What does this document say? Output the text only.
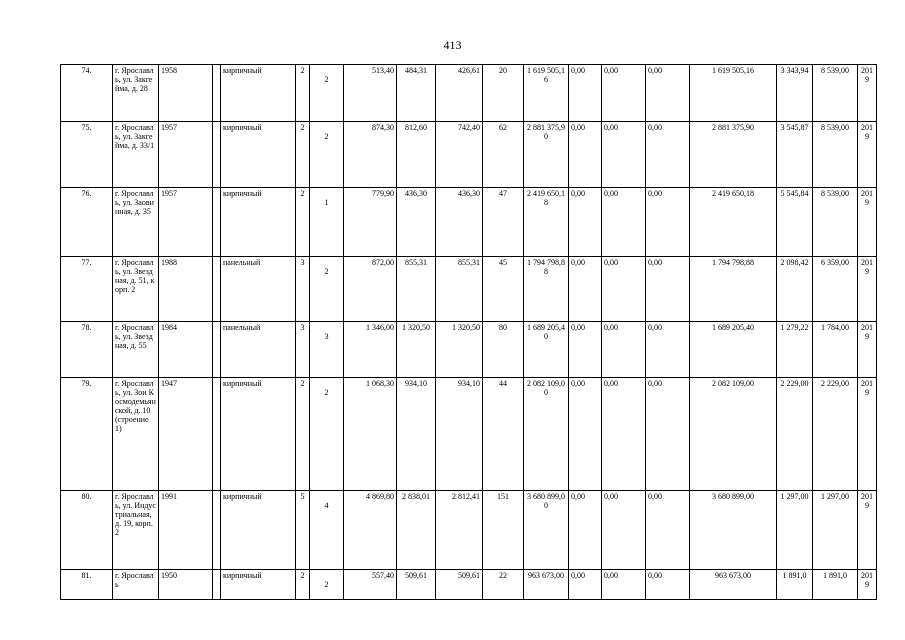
413
74.	г. Ярославль, ул. Закгейма, д. 28	1958		кирпичный	2	2	513,40	484,31	426,61	20	1 619 505,16	0,00	0,00	0,00	1 619 505,16	3 343,94	8 539,00	2019
75.	г. Ярославль, ул. Закгейма, д. 33/1	1957		кирпичный	2	2	874,30	812,60	742,40	62	2 881 375,90	0,00	0,00	0,00	2 881 375,90	3 545,87	8 539,00	2019
76.	г. Ярославль, ул. Заовинная, д. 35	1957		кирпичный	2	1	779,90	436,30	436,30	47	2 419 650,18	0,00	0,00	0,00	2 419 650,18	5 545,84	8 539,00	2019
77.	г. Ярославль, ул. Звездная, д. 51, корп. 2	1988		панельный	3	2	872,00	855,31	855,31	45	1 794 798,88	0,00	0,00	0,00	1 794 798,88	2 098,42	6 359,00	2019
78.	г. Ярославль, ул. Звездная, д. 55	1984		панельный	3	3	1 346,00	1 320,50	1 320,50	80	1 689 205,40	0,00	0,00	0,00	1 689 205,40	1 279,22	1 784,00	2019
79.	г. Ярославль, ул. Зои Космодемьянской, д. 10 (строение 1)	1947		кирпичный	2	2	1 068,30	934,10	934,10	44	2 082 109,00	0,00	0,00	0,00	2 082 109,00	2 229,00	2 229,00	2019
80.	г. Ярославль, ул. Индустриальная, д. 19, корп. 2	1991		кирпичный	5	4	4 869,80	2 838,01	2 812,41	151	3 680 899,00	0,00	0,00	0,00	3 680 899,00	1 297,00	1 297,00	2019
81.	г. Ярославль	1950		кирпичный	2	2	557,40	509,61	509,61	22	963 673,00	0,00	0,00	0,00	963 673,00	1 891,0	1 891,0	2019
